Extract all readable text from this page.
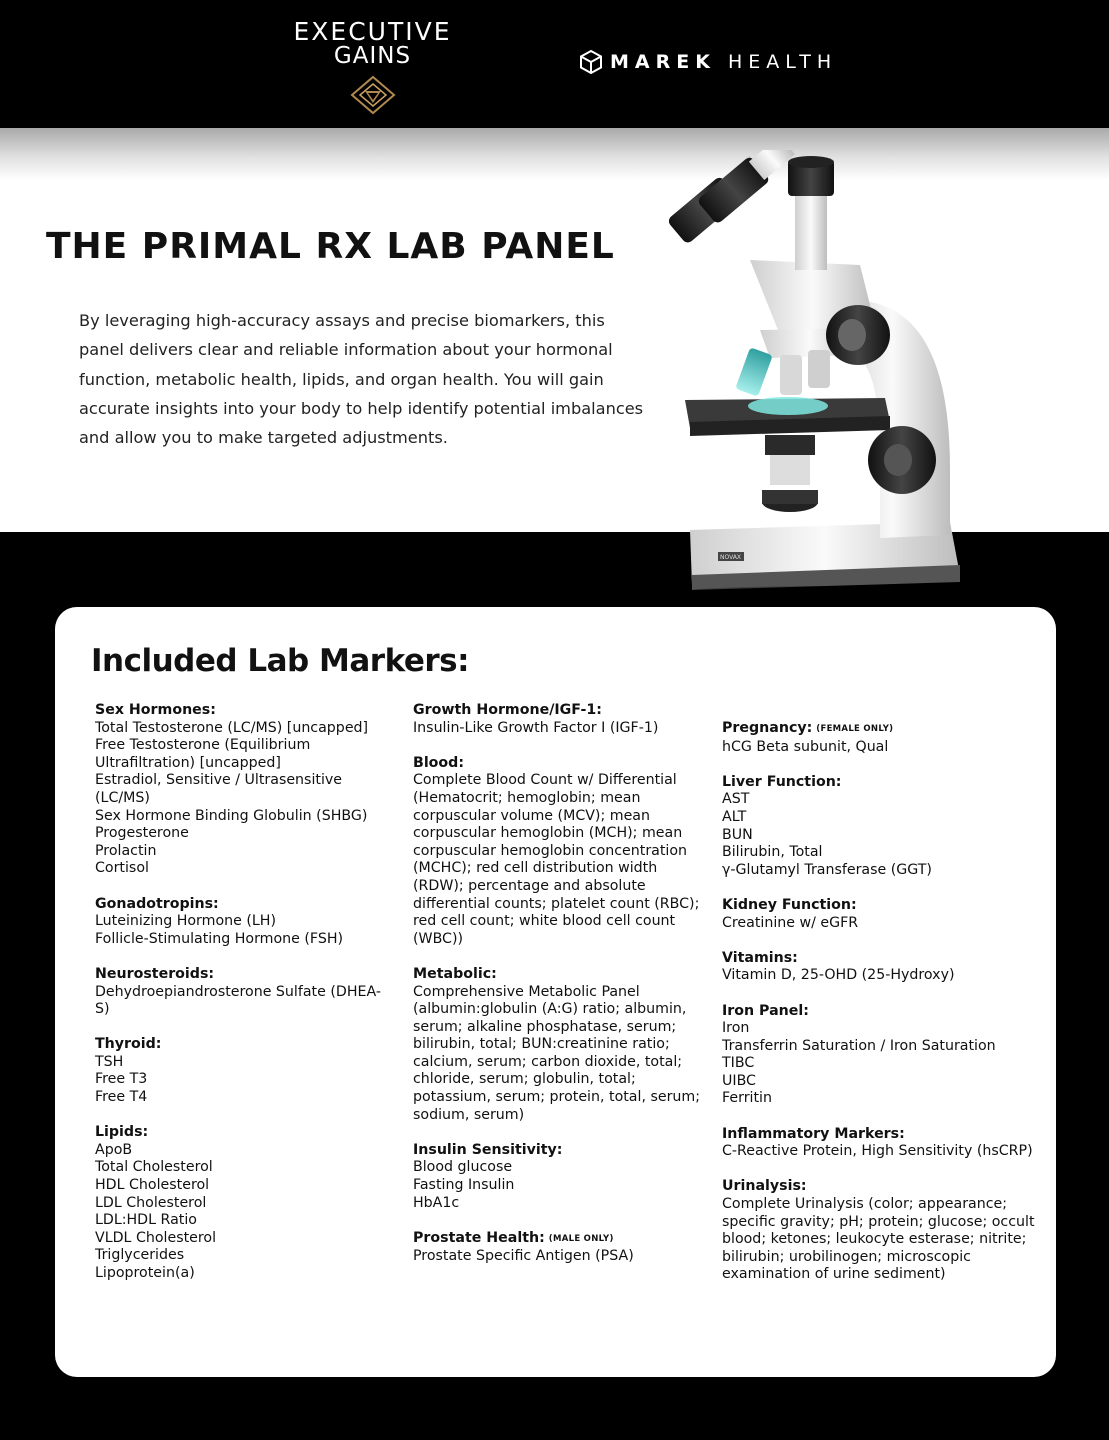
EXECUTIVE
GAINS	MAREK HEALTH
THE PRIMAL RX LAB PANEL

By leveraging high-accuracy assays and precise biomarkers, this panel delivers clear and reliable information about your hormonal function, metabolic health, lipids, and organ health. You will gain accurate insights into your body to help identify potential imbalances and allow you to make targeted adjustments.

NOVAX
Included Lab Markers:
Sex Hormones:
Total Testosterone (LC/MS) [uncapped]
Free Testosterone (Equilibrium Ultrafiltration) [uncapped]
Estradiol, Sensitive / Ultrasensitive (LC/MS)
Sex Hormone Binding Globulin (SHBG)
Progesterone
Prolactin
Cortisol
Gonadotropins:
Luteinizing Hormone (LH)
Follicle-Stimulating Hormone (FSH)
Neurosteroids:
Dehydroepiandrosterone Sulfate (DHEA-S)
Thyroid:
TSH
Free T3
Free T4
Lipids:
ApoB
Total Cholesterol
HDL Cholesterol
LDL Cholesterol
LDL:HDL Ratio
VLDL Cholesterol
Triglycerides
Lipoprotein(a)
Growth Hormone/IGF-1:
Insulin-Like Growth Factor I (IGF-1)
Blood:
Complete Blood Count w/ Differential (Hematocrit; hemoglobin; mean corpuscular volume (MCV); mean corpuscular hemoglobin (MCH); mean corpuscular hemoglobin concentration (MCHC); red cell distribution width (RDW); percentage and absolute differential counts; platelet count (RBC); red cell count; white blood cell count (WBC))
Metabolic:
Comprehensive Metabolic Panel (albumin:globulin (A:G) ratio; albumin, serum; alkaline phosphatase, serum; bilirubin, total; BUN:creatinine ratio; calcium, serum; carbon dioxide, total; chloride, serum; globulin, total; potassium, serum; protein, total, serum; sodium, serum)
Insulin Sensitivity:
Blood glucose
Fasting Insulin
HbA1c
Prostate Health: (MALE ONLY)
Prostate Specific Antigen (PSA)
Pregnancy: (FEMALE ONLY)
hCG Beta subunit, Qual
Liver Function:
AST
ALT
BUN
Bilirubin, Total
γ-Glutamyl Transferase (GGT)
Kidney Function:
Creatinine w/ eGFR
Vitamins:
Vitamin D, 25-OHD (25-Hydroxy)
Iron Panel:
Iron
Transferrin Saturation / Iron Saturation
TIBC
UIBC
Ferritin
Inflammatory Markers:
C-Reactive Protein, High Sensitivity (hsCRP)
Urinalysis:
Complete Urinalysis (color; appearance; specific gravity; pH; protein; glucose; occult blood; ketones; leukocyte esterase; nitrite; bilirubin; urobilinogen; microscopic examination of urine sediment)
